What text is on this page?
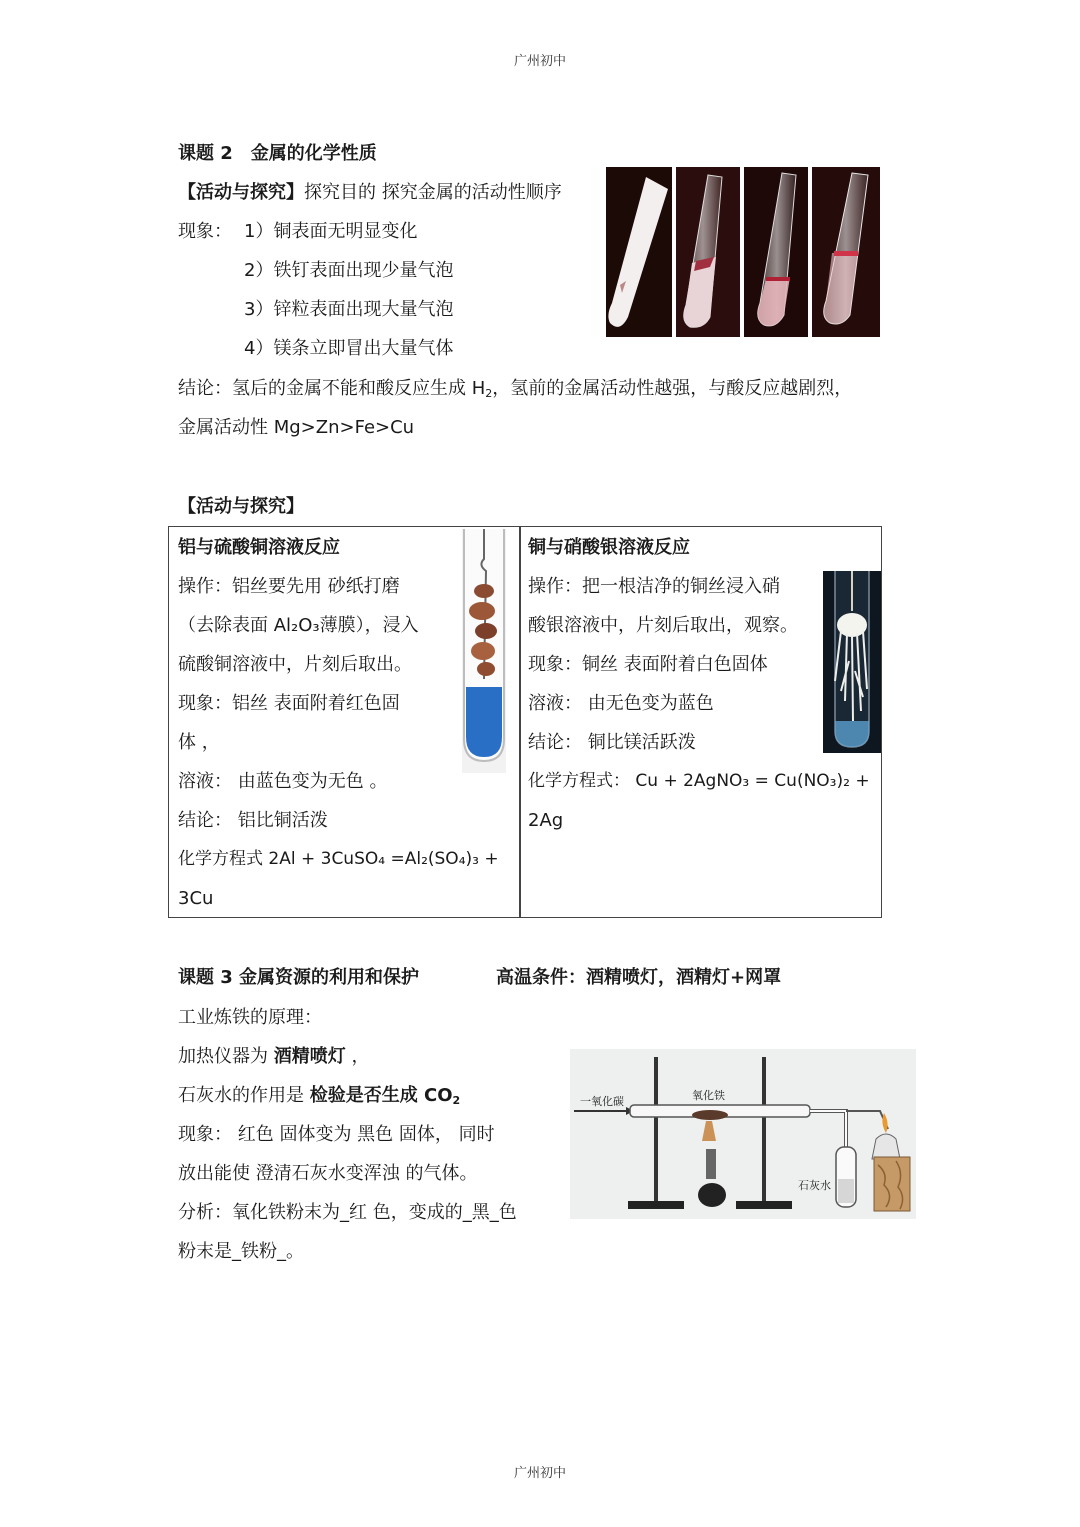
广州初中
广州初中
课题 2　金属的化学性质
【活动与探究】探究目的 探究金属的活动性顺序
现象： 1）铜表面无明显变化
2）铁钉表面出现少量气泡
3）锌粒表面出现大量气泡
4）镁条立即冒出大量气体
结论：氢后的金属不能和酸反应生成 $H_2$，氢前的金属活动性越强，与酸反应越剧烈，
金属活动性 Mg>Zn>Fe>Cu
【活动与探究】
铝与硫酸铜溶液反应
操作：铝丝要先用 砂纸打磨
（去除表面 Al₂O₃薄膜），浸入
硫酸铜溶液中，片刻后取出。
现象：铝丝 表面附着红色固
体 ，
溶液： 由蓝色变为无色 。
结论： 铝比铜活泼
化学方程式 2Al + 3CuSO₄ =Al₂(SO₄)₃ +
3Cu
铜与硝酸银溶液反应
操作：把一根洁净的铜丝浸入硝
酸银溶液中，片刻后取出，观察。
现象：铜丝 表面附着白色固体
溶液： 由无色变为蓝色
结论： 铜比镁活跃泼
化学方程式： Cu + 2AgNO₃ = Cu(NO₃)₂ +
2Ag
课题 3 金属资源的利用和保护	高温条件：酒精喷灯，酒精灯+网罩
工业炼铁的原理：
加热仪器为 酒精喷灯 ，
石灰水的作用是 检验是否生成 $CO_2$
现象： 红色 固体变为 黑色 固体， 同时
放出能使 澄清石灰水变浑浊 的气体。
分析：氧化铁粉末为_红 色，变成的_黑_色
粉末是_铁粉_。
一氧化碳	氧化铁
石灰水
